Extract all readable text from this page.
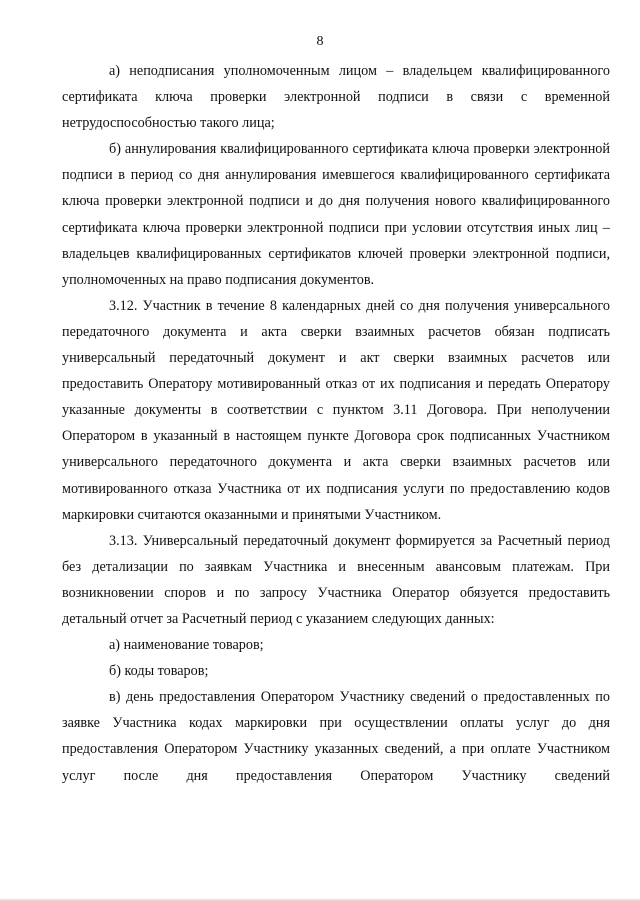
8

а) неподписания уполномоченным лицом – владельцем квалифицированного сертификата ключа проверки электронной подписи в связи с временной нетрудоспособностью такого лица;

б) аннулирования квалифицированного сертификата ключа проверки электронной подписи в период со дня аннулирования имевшегося квалифицированного сертификата ключа проверки электронной подписи и до дня получения нового квалифицированного сертификата ключа проверки электронной подписи при условии отсутствия иных лиц – владельцев квалифицированных сертификатов ключей проверки электронной подписи, уполномоченных на право подписания документов.

3.12. Участник в течение 8 календарных дней со дня получения универсального передаточного документа и акта сверки взаимных расчетов обязан подписать универсальный передаточный документ и акт сверки взаимных расчетов или предоставить Оператору мотивированный отказ от их подписания и передать Оператору указанные документы в соответствии с пунктом 3.11 Договора. При неполучении Оператором в указанный в настоящем пункте Договора срок подписанных Участником универсального передаточного документа и акта сверки взаимных расчетов или мотивированного отказа Участника от их подписания услуги по предоставлению кодов маркировки считаются оказанными и принятыми Участником.

3.13. Универсальный передаточный документ формируется за Расчетный период без детализации по заявкам Участника и внесенным авансовым платежам. При возникновении споров и по запросу Участника Оператор обязуется предоставить детальный отчет за Расчетный период с указанием следующих данных:

а) наименование товаров;

б) коды товаров;

в) день предоставления Оператором Участнику сведений о предоставленных по заявке Участника кодах маркировки при осуществлении оплаты услуг до дня предоставления Оператором Участнику указанных сведений, а при оплате Участником услуг после дня предоставления Оператором Участнику сведений
